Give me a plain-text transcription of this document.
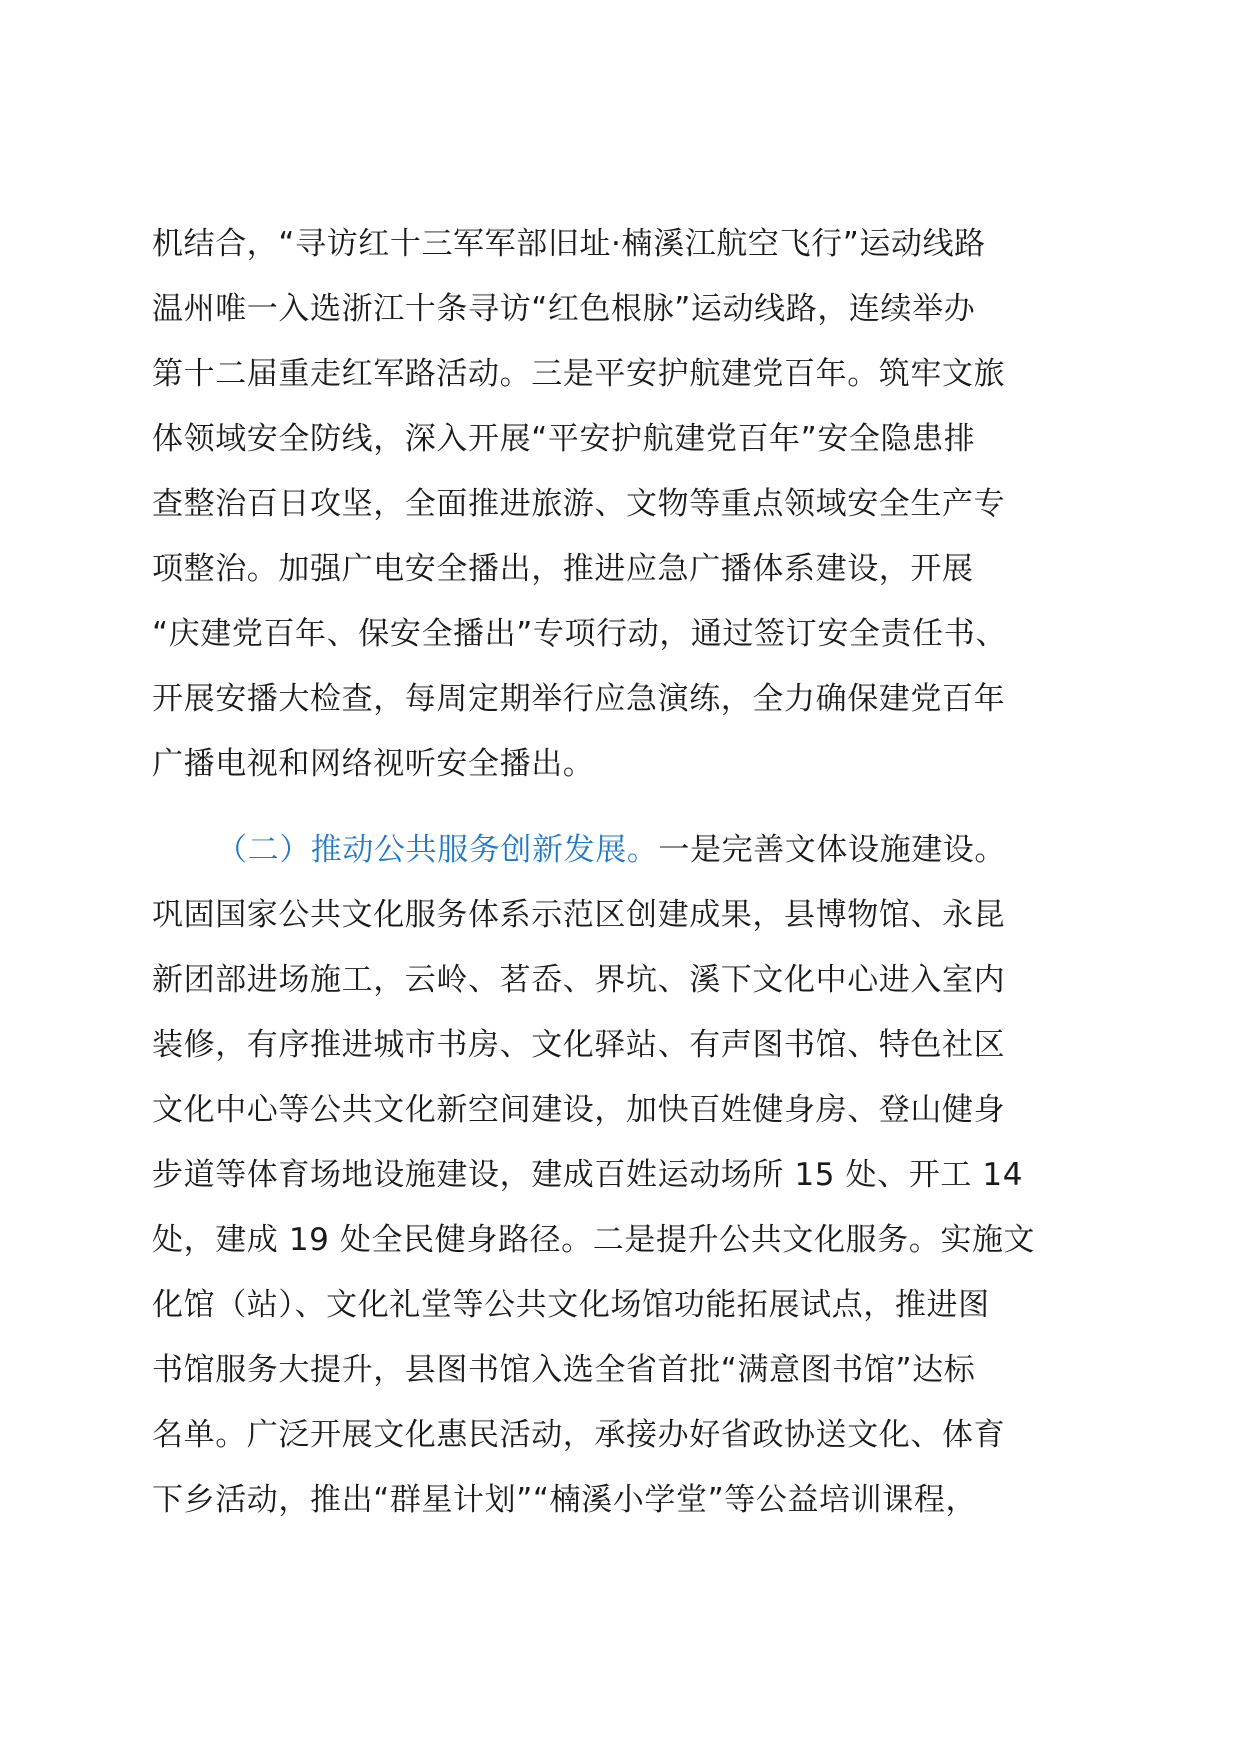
机结合，“寻访红十三军军部旧址·楠溪江航空飞行”运动线路
温州唯一入选浙江十条寻访“红色根脉”运动线路，连续举办
第十二届重走红军路活动。三是平安护航建党百年。筑牢文旅
体领域安全防线，深入开展“平安护航建党百年”安全隐患排
查整治百日攻坚，全面推进旅游、文物等重点领域安全生产专
项整治。加强广电安全播出，推进应急广播体系建设，开展
“庆建党百年、保安全播出”专项行动，通过签订安全责任书、
开展安播大检查，每周定期举行应急演练，全力确保建党百年
广播电视和网络视听安全播出。
（二）推动公共服务创新发展。一是完善文体设施建设。
巩固国家公共文化服务体系示范区创建成果，县博物馆、永昆
新团部进场施工，云岭、茗岙、界坑、溪下文化中心进入室内
装修，有序推进城市书房、文化驿站、有声图书馆、特色社区
文化中心等公共文化新空间建设，加快百姓健身房、登山健身
步道等体育场地设施建设，建成百姓运动场所 15 处、开工 14
处，建成 19 处全民健身路径。二是提升公共文化服务。实施文
化馆（站）、文化礼堂等公共文化场馆功能拓展试点，推进图
书馆服务大提升，县图书馆入选全省首批“满意图书馆”达标
名单。广泛开展文化惠民活动，承接办好省政协送文化、体育
下乡活动，推出“群星计划”“楠溪小学堂”等公益培训课程，
